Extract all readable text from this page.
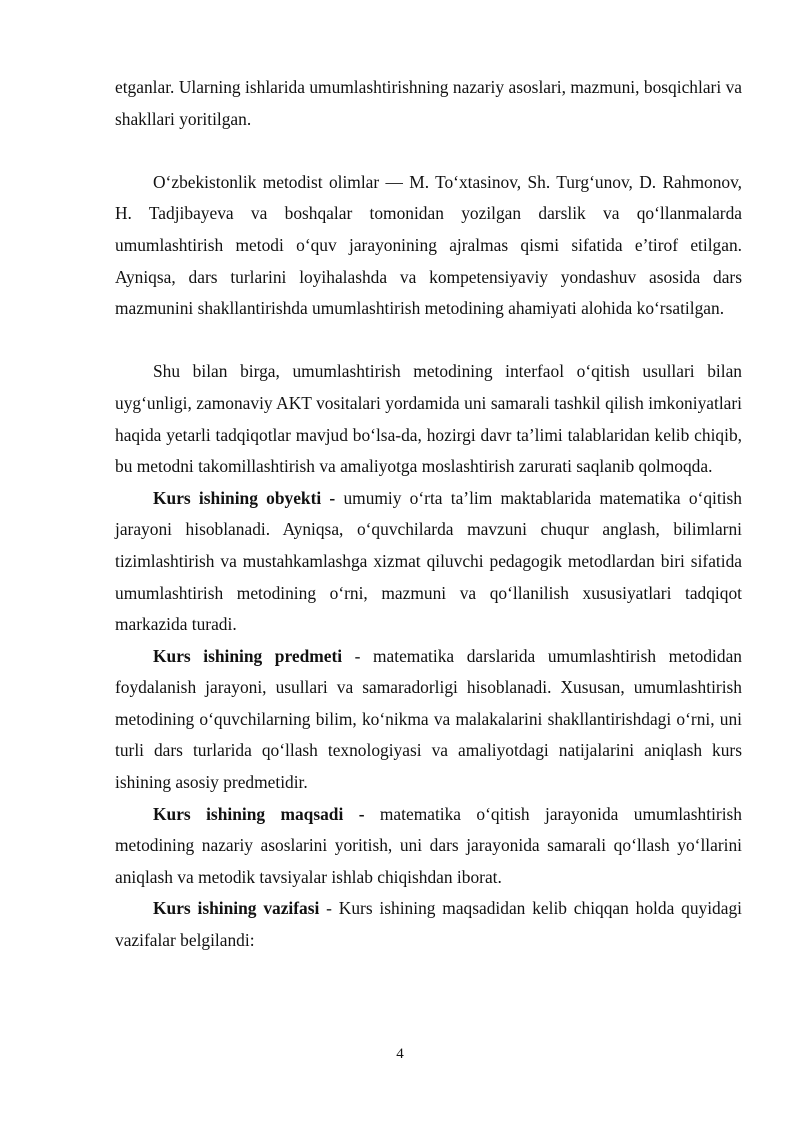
etganlar. Ularning ishlarida umumlashtirishning nazariy asoslari, mazmuni, bosqichlari va shakllari yoritilgan.

O‘zbekistonlik metodist olimlar — M. To‘xtasinov, Sh. Turg‘unov, D. Rahmonov, H. Tadjibayeva va boshqalar tomonidan yozilgan darslik va qo‘llanmalarda umumlashtirish metodi o‘quv jarayonining ajralmas qismi sifatida e’tirof etilgan. Ayniqsa, dars turlarini loyihalashda va kompetensiyaviy yondashuv asosida dars mazmunini shakllantirishda umumlashtirish metodining ahamiyati alohida ko‘rsatilgan.

Shu bilan birga, umumlashtirish metodining interfaol o‘qitish usullari bilan uyg‘unligi, zamonaviy AKT vositalari yordamida uni samarali tashkil qilish imkoniyatlari haqida yetarli tadqiqotlar mavjud bo‘lsa-da, hozirgi davr ta’limi talablaridan kelib chiqib, bu metodni takomillashtirish va amaliyotga moslashtirish zarurati saqlanib qolmoqda.

Kurs ishining obyekti - umumiy o‘rta ta’lim maktablarida matematika o‘qitish jarayoni hisoblanadi. Ayniqsa, o‘quvchilarda mavzuni chuqur anglash, bilimlarni tizimlashtirish va mustahkamlashga xizmat qiluvchi pedagogik metodlardan biri sifatida umumlashtirish metodining o‘rni, mazmuni va qo‘llanilish xususiyatlari tadqiqot markazida turadi.

Kurs ishining predmeti - matematika darslarida umumlashtirish metodidan foydalanish jarayoni, usullari va samaradorligi hisoblanadi. Xususan, umumlashtirish metodining o‘quvchilarning bilim, ko‘nikma va malakalarini shakllantirishdagi o‘rni, uni turli dars turlarida qo‘llash texnologiyasi va amaliyotdagi natijalarini aniqlash kurs ishining asosiy predmetidir.

Kurs ishining maqsadi - matematika o‘qitish jarayonida umumlashtirish metodining nazariy asoslarini yoritish, uni dars jarayonida samarali qo‘llash yo‘llarini aniqlash va metodik tavsiyalar ishlab chiqishdan iborat.

Kurs ishining vazifasi - Kurs ishining maqsadidan kelib chiqqan holda quyidagi vazifalar belgilandi:

4
